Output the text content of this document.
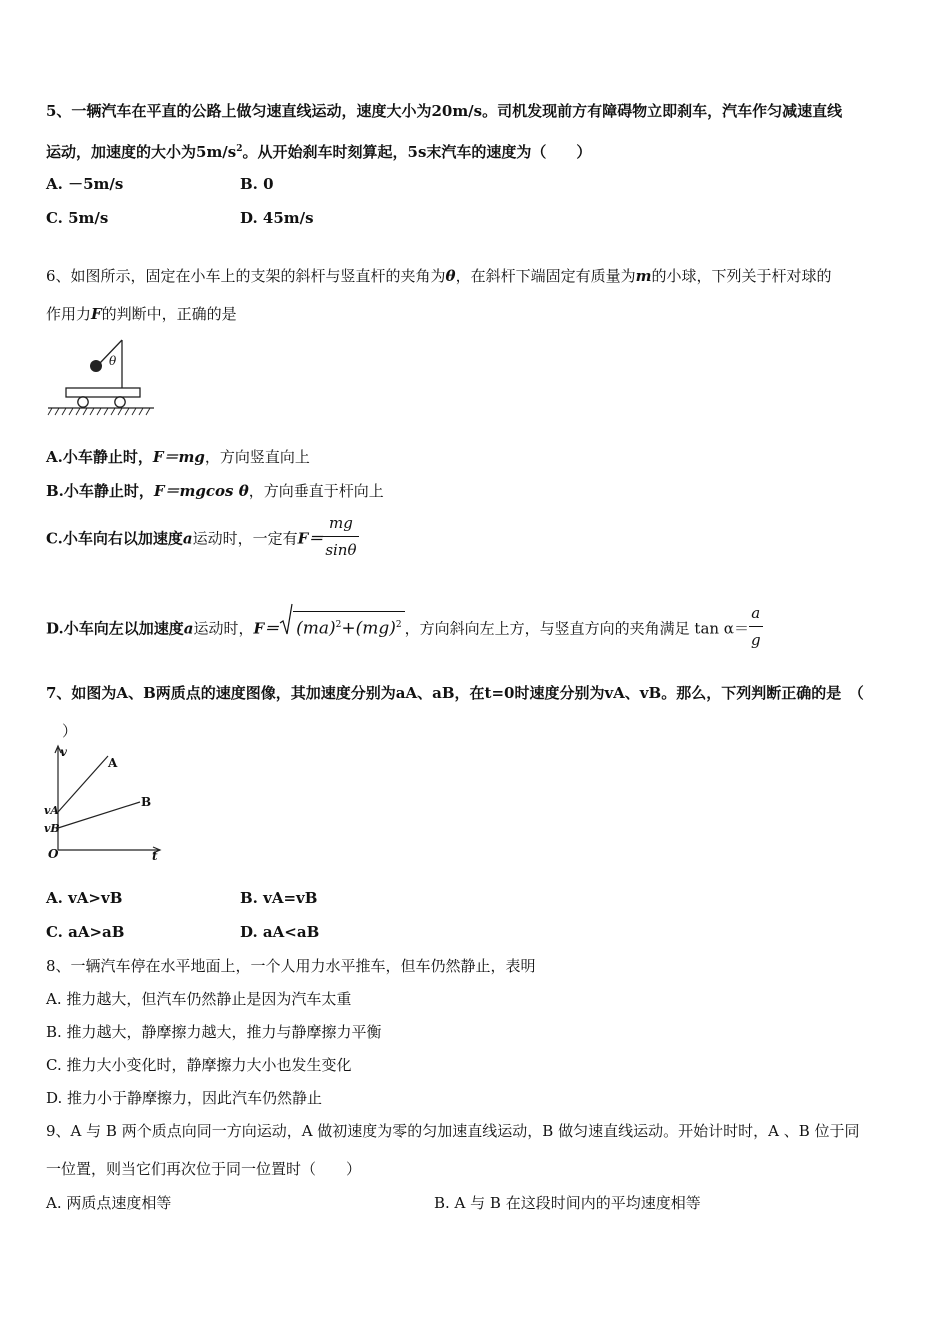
5、一辆汽车在平直的公路上做匀速直线运动，速度大小为20m/s。司机发现前方有障碍物立即刹车，汽车作匀减速直线
运动，加速度的大小为$5m/s^2$。从开始刹车时刻算起，5s末汽车的速度为（　　）
A. －5m/s	B. 0
C. 5m/s	D. 45m/s
6、如图所示，固定在小车上的支架的斜杆与竖直杆的夹角为θ，在斜杆下端固定有质量为m的小球，下列关于杆对球的
作用力F的判断中，正确的是
θ
A.小车静止时，F＝mg，方向竖直向上
B.小车静止时，F＝mgcos θ，方向垂直于杆向上
C.小车向右以加速度a运动时，一定有$F= \frac{mg}{\sin\theta}$
D.小车向左以加速度a运动时，F＝ (ma)$^2$+(mg)$^2$ ，方向斜向左上方，与竖直方向的夹角满足 $\tan \alpha= \frac{a}{g}$
7、如图为A、B两质点的速度图像，其加速度分别为aA、aB，在t=0时速度分别为vA、vB。那么，下列判断正确的是　（
）
v
t
O
A
B
vA
vB
A. vA>vB	B. vA=vB
C. aA>aB	D. aA<aB
8、一辆汽车停在水平地面上，一个人用力水平推车，但车仍然静止，表明
A. 推力越大，但汽车仍然静止是因为汽车太重
B. 推力越大，静摩擦力越大，推力与静摩擦力平衡
C. 推力大小变化时，静摩擦力大小也发生变化
D. 推力小于静摩擦力，因此汽车仍然静止
9、A 与 B 两个质点向同一方向运动，A 做初速度为零的匀加速直线运动，B 做匀速直线运动。开始计时时，A 、B 位于同
一位置，则当它们再次位于同一位置时（　　）
A. 两质点速度相等	B. A 与 B 在这段时间内的平均速度相等
